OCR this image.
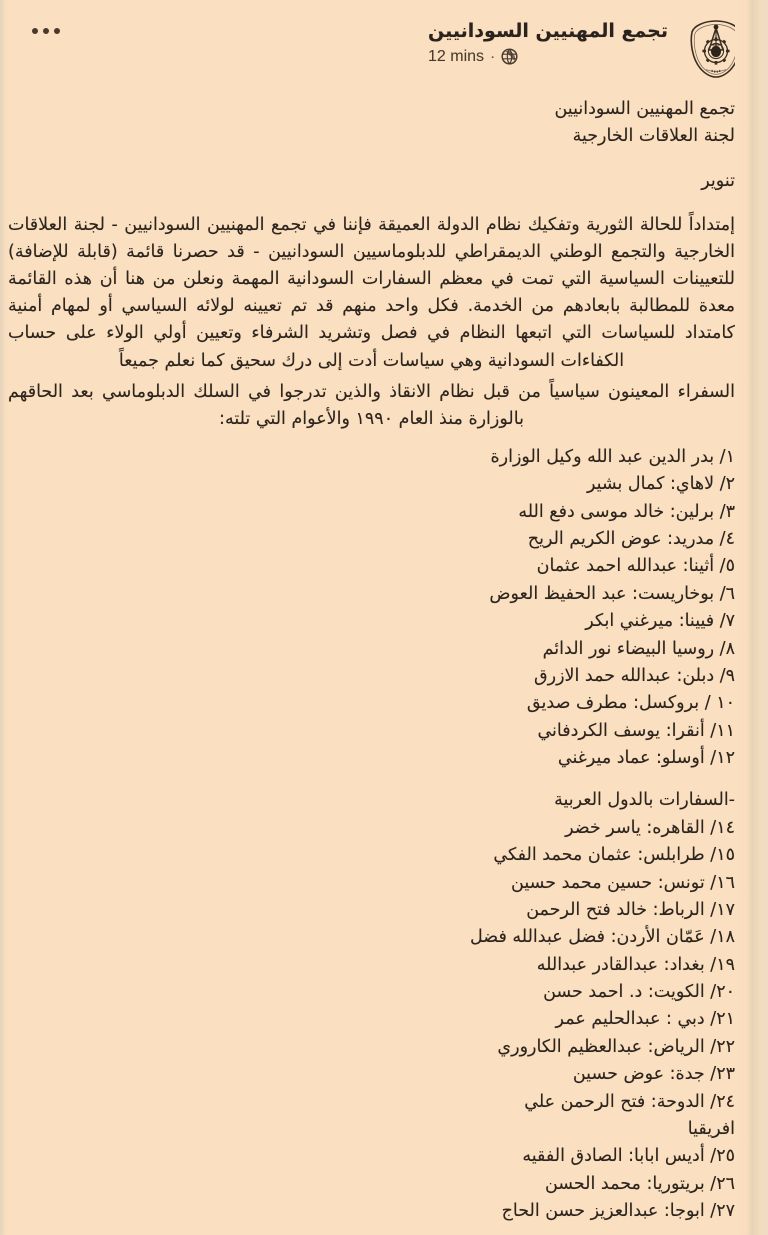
تجمع المهنيين السودانيين
12 mins ·
تجمع المهنيين السودانيين
لجنة العلاقات الخارجية
تنوير

إمتداداً للحالة الثورية وتفكيك نظام الدولة العميقة فإننا في تجمع المهنيين السودانيين - لجنة العلاقات الخارجية والتجمع الوطني الديمقراطي للدبلوماسيين السودانيين - قد حصرنا قائمة (قابلة للإضافة) للتعيينات السياسية التي تمت في معظم السفارات السودانية المهمة ونعلن من هنا أن هذه القائمة معدة للمطالبة بابعادهم من الخدمة. فكل واحد منهم قد تم تعيينه لولائه السياسي أو لمهام أمنية كامتداد للسياسات التي اتبعها النظام في فصل وتشريد الشرفاء وتعيين أولي الولاء على حساب الكفاءات السودانية وهي سياسات أدت إلى درك سحيق كما نعلم جميعاً

السفراء المعينون سياسياً من قبل نظام الانقاذ والذين تدرجوا في السلك الدبلوماسي بعد الحاقهم بالوزارة منذ العام ١٩٩٠ والأعوام التي تلته:

١/ بدر الدين عبد الله وكيل الوزارة
٢/ لاهاي: كمال بشير
٣/ برلين: خالد موسى دفع الله
٤/ مدريد: عوض الكريم الريح
٥/ أثينا: عبدالله احمد عثمان
٦/ بوخاريست: عبد الحفيظ العوض
٧/ فيينا: ميرغني ابكر
٨/ روسيا البيضاء نور الدائم
٩/ دبلن: عبدالله حمد الازرق
١٠ / بروكسل: مطرف صديق
١١/ أنقرا: يوسف الكردفاني
١٢/ أوسلو: عماد ميرغني
-السفارات بالدول العربية
١٤/ القاهره: ياسر خضر
١٥/ طرابلس: عثمان محمد الفكي
١٦/ تونس: حسين محمد حسين
١٧/ الرباط: خالد فتح الرحمن
١٨/ عَمّان الأردن: فضل عبدالله فضل
١٩/ بغداد: عبدالقادر عبدالله
٢٠/ الكويت: د. احمد حسن
٢١/ دبي : عبدالحليم عمر
٢٢/ الرياض: عبدالعظيم الكاروري
٢٣/ جدة: عوض حسين
٢٤/ الدوحة: فتح الرحمن علي
افريقيا
٢٥/ أديس ابابا: الصادق الفقيه
٢٦/ بريتوريا: محمد الحسن
٢٧/ ابوجا: عبدالعزيز حسن الحاج
